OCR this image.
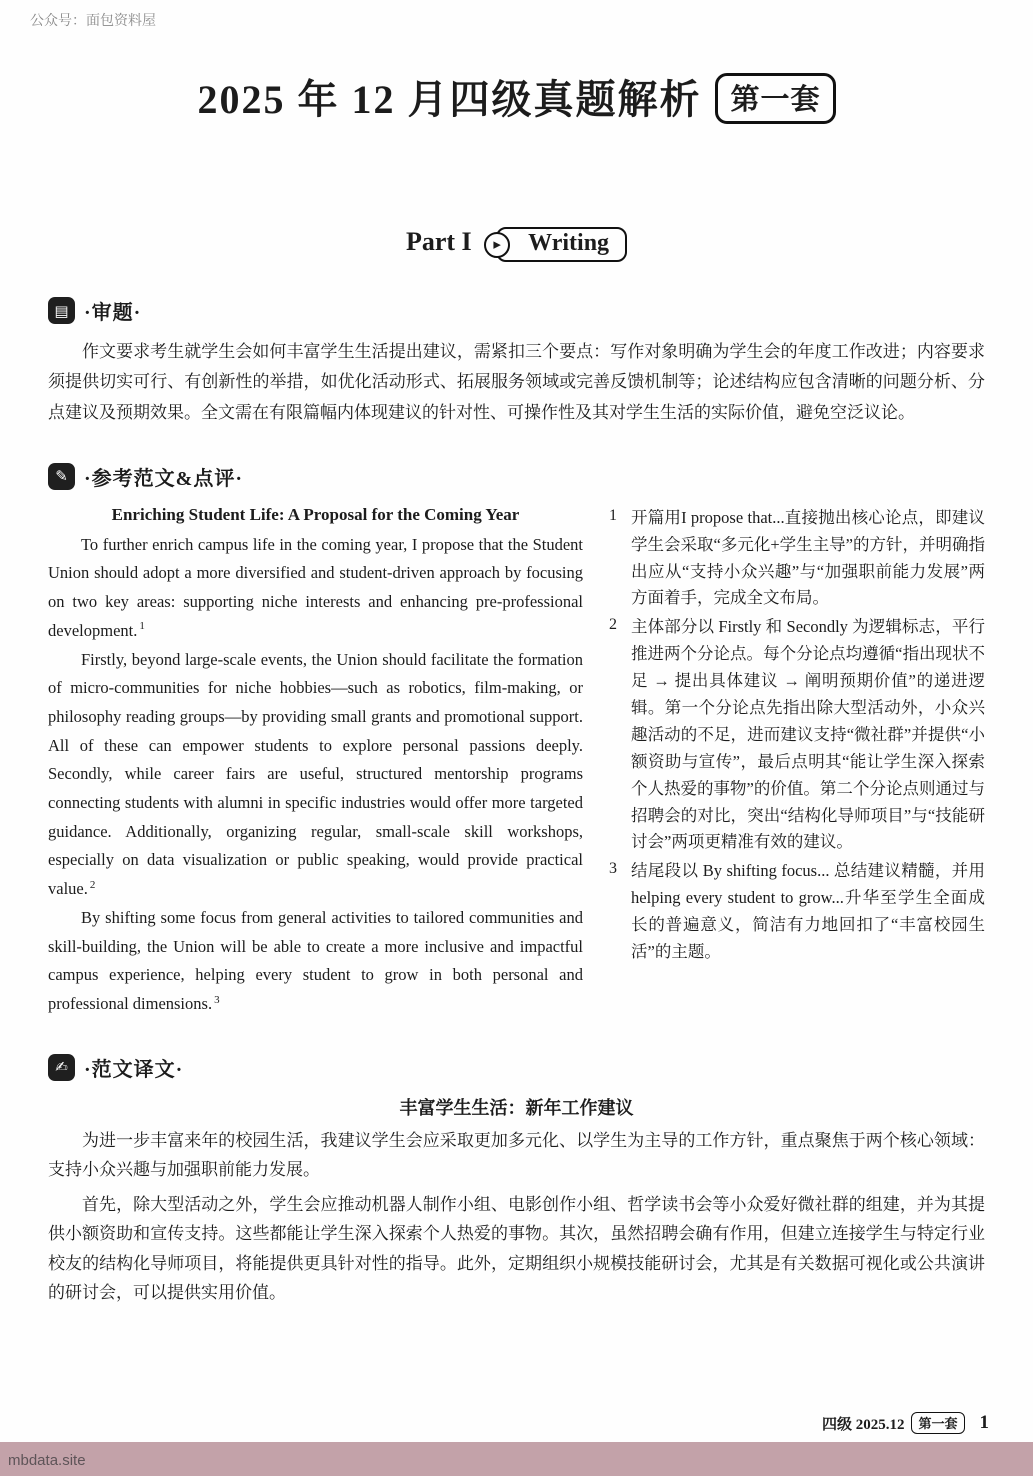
公众号：面包资料屋
2025 年 12 月四级真题解析 第一套
Part I	▸	Writing
▤ ·审题·

作文要求考生就学生会如何丰富学生生活提出建议，需紧扣三个要点：写作对象明确为学生会的年度工作改进；内容要求须提供切实可行、有创新性的举措，如优化活动形式、拓展服务领域或完善反馈机制等；论述结构应包含清晰的问题分析、分点建议及预期效果。全文需在有限篇幅内体现建议的针对性、可操作性及其对学生生活的实际价值，避免空泛议论。

✎ ·参考范文&点评·
Enriching Student Life: A Proposal for the Coming Year

To further enrich campus life in the coming year, I propose that the Student Union should adopt a more diversified and student-driven approach by focusing on two key areas: supporting niche interests and enhancing pre-professional development. $^1$

Firstly, beyond large-scale events, the Union should facilitate the formation of micro-communities for niche hobbies—such as robotics, film-making, or philosophy reading groups—by providing small grants and promotional support. All of these can empower students to explore personal passions deeply. Secondly, while career fairs are useful, structured mentorship programs connecting students with alumni in specific industries would offer more targeted guidance. Additionally, organizing regular, small-scale skill workshops, especially on data visualization or public speaking, would provide practical value. $^2$

By shifting some focus from general activities to tailored communities and skill-building, the Union will be able to create a more inclusive and impactful campus experience, helping every student to grow in both personal and professional dimensions. $^3$

1 开篇用I propose that...直接抛出核心论点，即建议学生会采取“多元化+学生主导”的方针，并明确指出应从“支持小众兴趣”与“加强职前能力发展”两方面着手，完成全文布局。
2 主体部分以 Firstly 和 Secondly 为逻辑标志，平行推进两个分论点。每个分论点均遵循“指出现状不足 → 提出具体建议 → 阐明预期价值”的递进逻辑。第一个分论点先指出除大型活动外，小众兴趣活动的不足，进而建议支持“微社群”并提供“小额资助与宣传”，最后点明其“能让学生深入探索个人热爱的事物”的价值。第二个分论点则通过与招聘会的对比，突出“结构化导师项目”与“技能研讨会”两项更精准有效的建议。
3 结尾段以 By shifting focus... 总结建议精髓，并用 helping every student to grow...升华至学生全面成长的普遍意义，简洁有力地回扣了“丰富校园生活”的主题。
✍ ·范文译文·
丰富学生生活：新年工作建议

为进一步丰富来年的校园生活，我建议学生会应采取更加多元化、以学生为主导的工作方针，重点聚焦于两个核心领域：支持小众兴趣与加强职前能力发展。

首先，除大型活动之外，学生会应推动机器人制作小组、电影创作小组、哲学读书会等小众爱好微社群的组建，并为其提供小额资助和宣传支持。这些都能让学生深入探索个人热爱的事物。其次，虽然招聘会确有作用，但建立连接学生与特定行业校友的结构化导师项目，将能提供更具针对性的指导。此外，定期组织小规模技能研讨会，尤其是有关数据可视化或公共演讲的研讨会，可以提供实用价值。

四级 2025.12	第一套	1
mbdata.site
